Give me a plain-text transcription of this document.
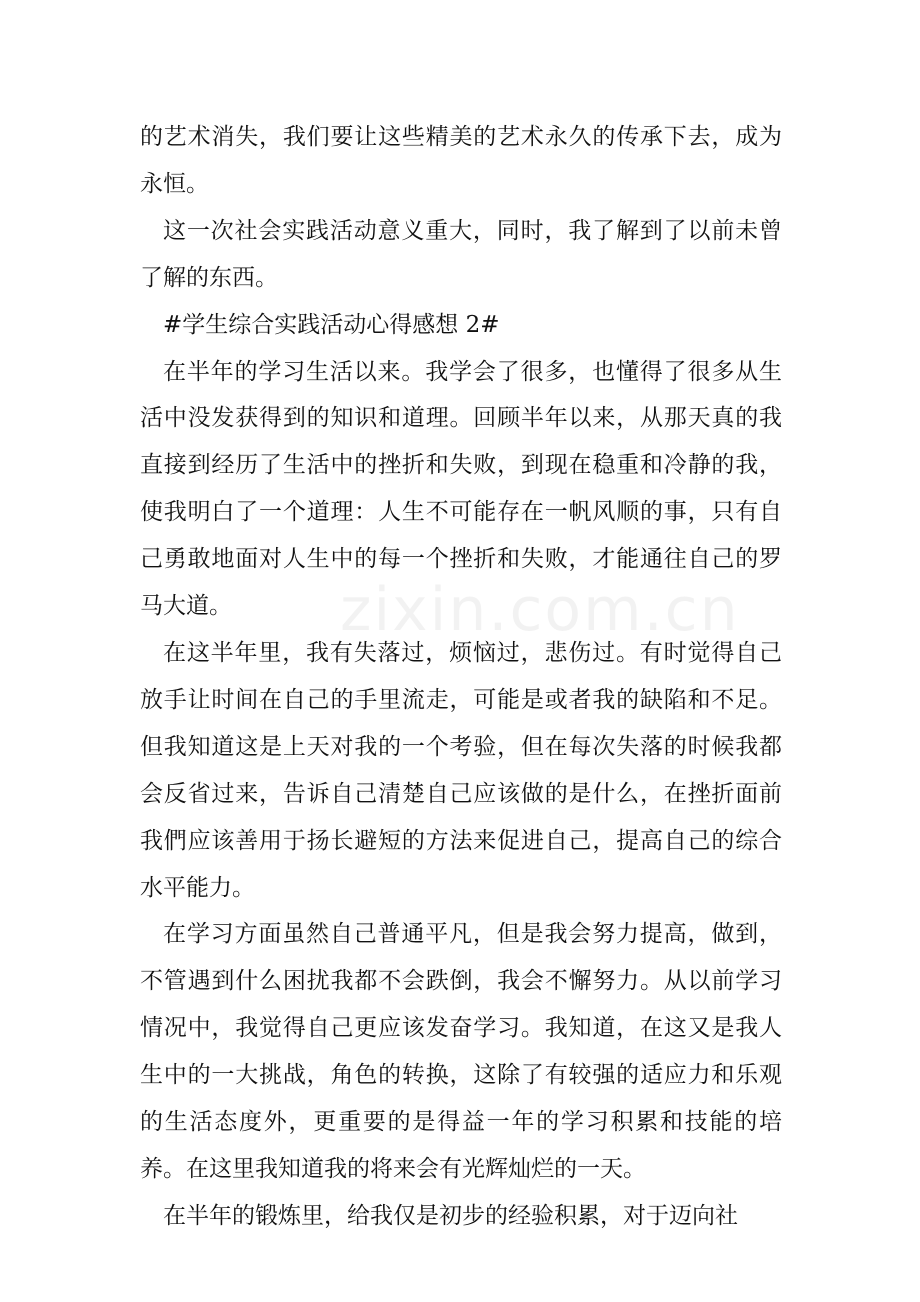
zixin.com.cn

的艺术消失，我们要让这些精美的艺术永久的传承下去，成为永恒。

这一次社会实践活动意义重大，同时，我了解到了以前未曾了解的东西。

#学生综合实践活动心得感想 2#

在半年的学习生活以来。我学会了很多，也懂得了很多从生活中没发获得到的知识和道理。回顾半年以来，从那天真的我直接到经历了生活中的挫折和失败，到现在稳重和冷静的我，使我明白了一个道理：人生不可能存在一帆风顺的事，只有自己勇敢地面对人生中的每一个挫折和失败，才能通往自己的罗马大道。

在这半年里，我有失落过，烦恼过，悲伤过。有时觉得自己放手让时间在自己的手里流走，可能是或者我的缺陷和不足。但我知道这是上天对我的一个考验，但在每次失落的时候我都会反省过来，告诉自己清楚自己应该做的是什么，在挫折面前我們应该善用于扬长避短的方法来促进自己，提高自己的综合水平能力。

在学习方面虽然自己普通平凡，但是我会努力提高，做到，不管遇到什么困扰我都不会跌倒，我会不懈努力。从以前学习情况中，我觉得自己更应该发奋学习。我知道，在这又是我人生中的一大挑战，角色的转换，这除了有较强的适应力和乐观的生活态度外，更重要的是得益一年的学习积累和技能的培养。在这里我知道我的将来会有光辉灿烂的一天。

在半年的锻炼里，给我仅是初步的经验积累，对于迈向社
